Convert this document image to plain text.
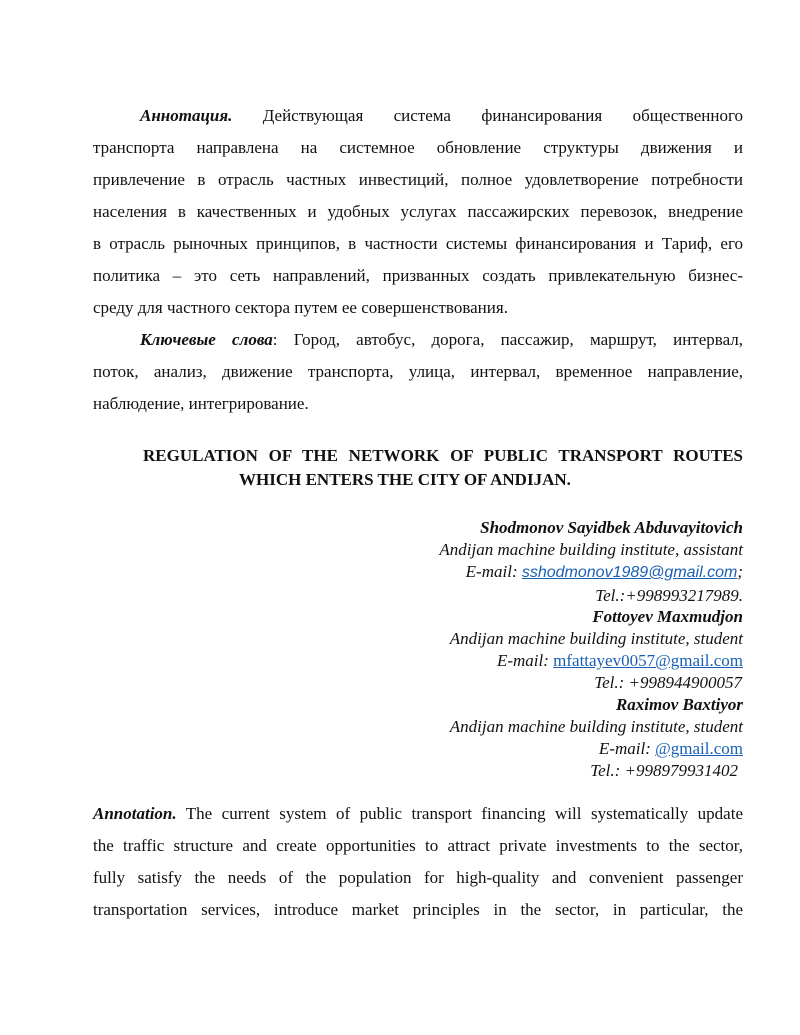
Аннотация. Действующая система финансирования общественного
транспорта направлена на системное обновление структуры движения и
привлечение в отрасль частных инвестиций, полное удовлетворение потребности
населения в качественных и удобных услугах пассажирских перевозок, внедрение
в отрасль рыночных принципов, в частности системы финансирования и Тариф, его
политика – это сеть направлений, призванных создать привлекательную бизнес-
среду для частного сектора путем ее совершенствования.
Ключевые слова: Город, автобус, дорога, пассажир, маршрут, интервал,
поток, анализ, движение транспорта, улица, интервал, временное направление,
наблюдение, интегрирование.
REGULATION OF THE NETWORK OF PUBLIC TRANSPORT ROUTES
WHICH ENTERS THE CITY OF ANDIJAN.
Shodmonov Sayidbek Abduvayitovich
Andijan machine building institute, assistant
E-mail: sshodmonov1989@gmail.com;
Tel.:+998993217989.
Fottoyev Maxmudjon
Andijan machine building institute, student
E-mail: mfattayev0057@gmail.com
Tel.: +998944900057
Raximov Baxtiyor
Andijan machine building institute, student
E-mail: @gmail.com
Tel.: +998979931402
Annotation. The current system of public transport financing will systematically update
the traffic structure and create opportunities to attract private investments to the sector,
fully satisfy the needs of the population for high-quality and convenient passenger
transportation services, introduce market principles in the sector, in particular, the
